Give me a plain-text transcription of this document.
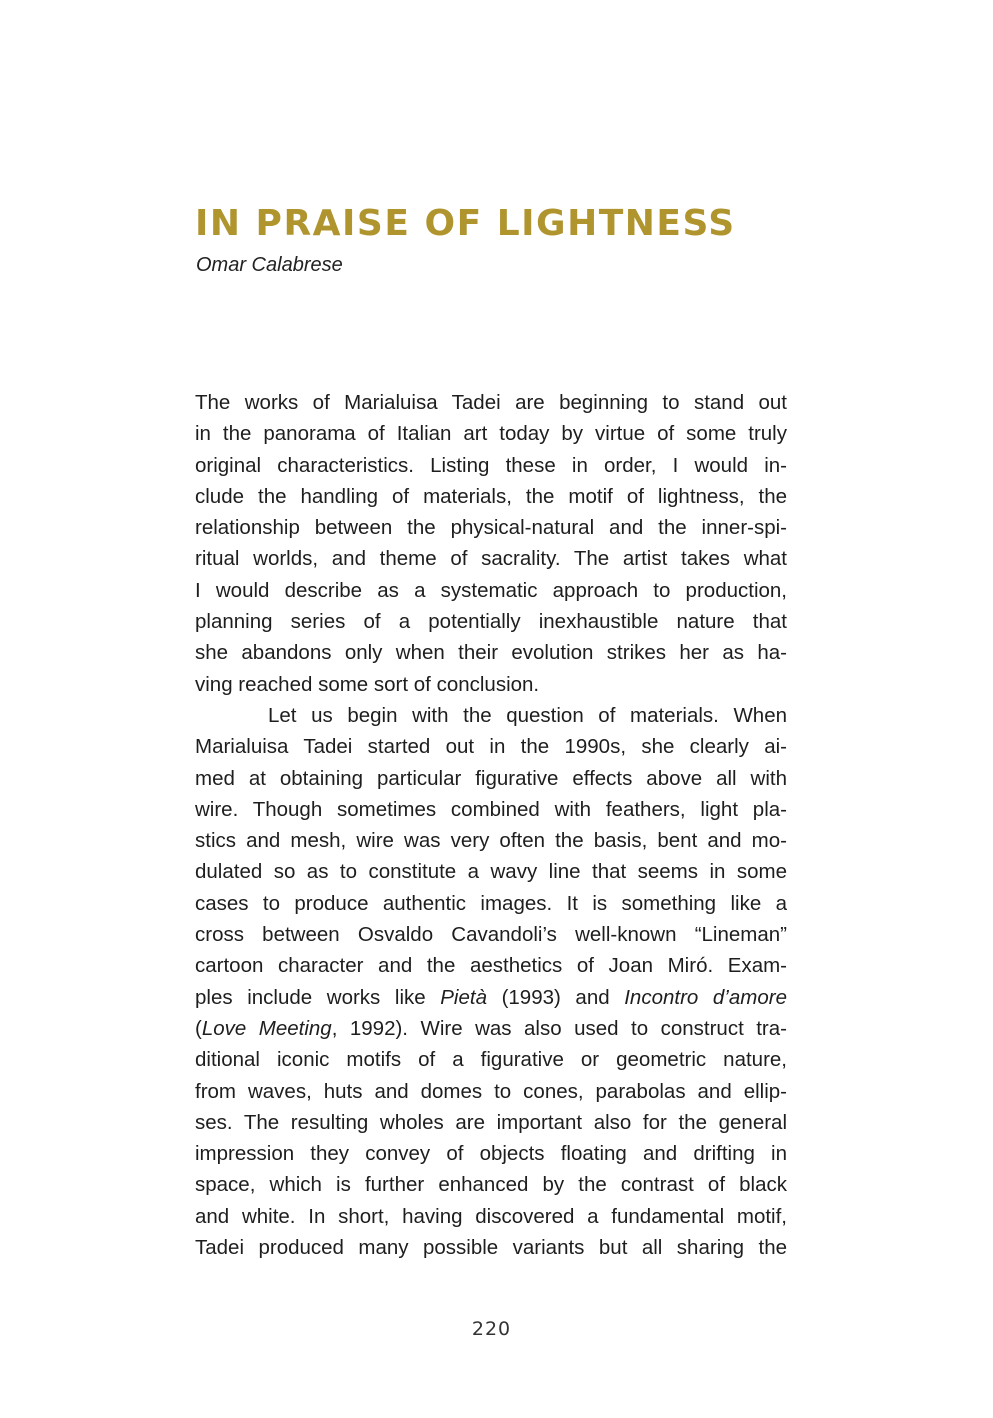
IN PRAISE OF LIGHTNESS

Omar Calabrese

The works of Marialuisa Tadei are beginning to stand out
in the panorama of Italian art today by virtue of some truly
original characteristics. Listing these in order, I would in-
clude the handling of materials, the motif of lightness, the
relationship between the physical-natural and the inner-spi-
ritual worlds, and theme of sacrality. The artist takes what
I would describe as a systematic approach to production,
planning series of a potentially inexhaustible nature that
she abandons only when their evolution strikes her as ha-
ving reached some sort of conclusion.
Let us begin with the question of materials. When
Marialuisa Tadei started out in the 1990s, she clearly ai-
med at obtaining particular figurative effects above all with
wire. Though sometimes combined with feathers, light pla-
stics and mesh, wire was very often the basis, bent and mo-
dulated so as to constitute a wavy line that seems in some
cases to produce authentic images. It is something like a
cross between Osvaldo Cavandoli’s well-known “Lineman”
cartoon character and the aesthetics of Joan Miró. Exam-
ples include works like Pietà (1993) and Incontro d’amore
(Love Meeting, 1992). Wire was also used to construct tra-
ditional iconic motifs of a figurative or geometric nature,
from waves, huts and domes to cones, parabolas and ellip-
ses. The resulting wholes are important also for the general
impression they convey of objects floating and drifting in
space, which is further enhanced by the contrast of black
and white. In short, having discovered a fundamental motif,
Tadei produced many possible variants but all sharing the
220
